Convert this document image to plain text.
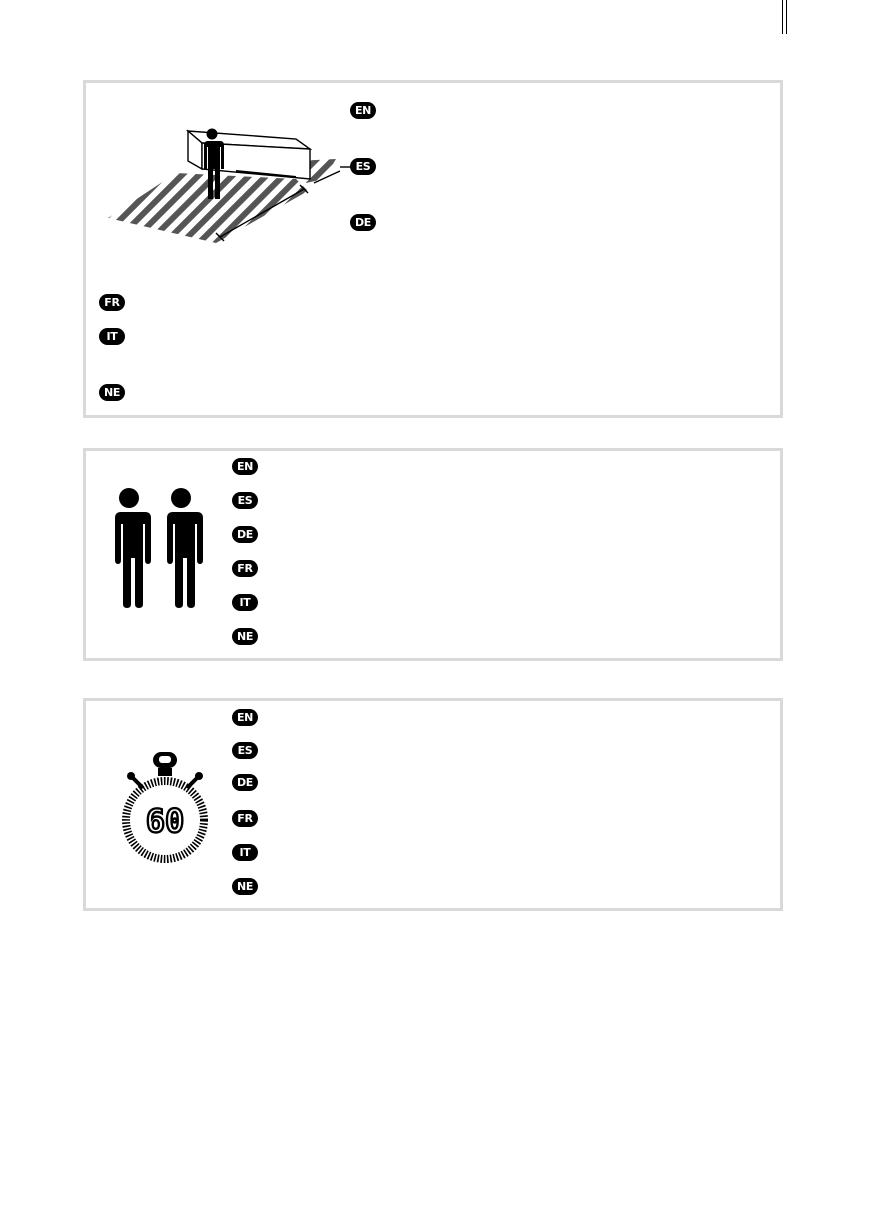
EN
ES
DE
FR
IT
NE
EN
ES
DE
FR
IT
NE
60
EN
ES
DE
FR
IT
NE
